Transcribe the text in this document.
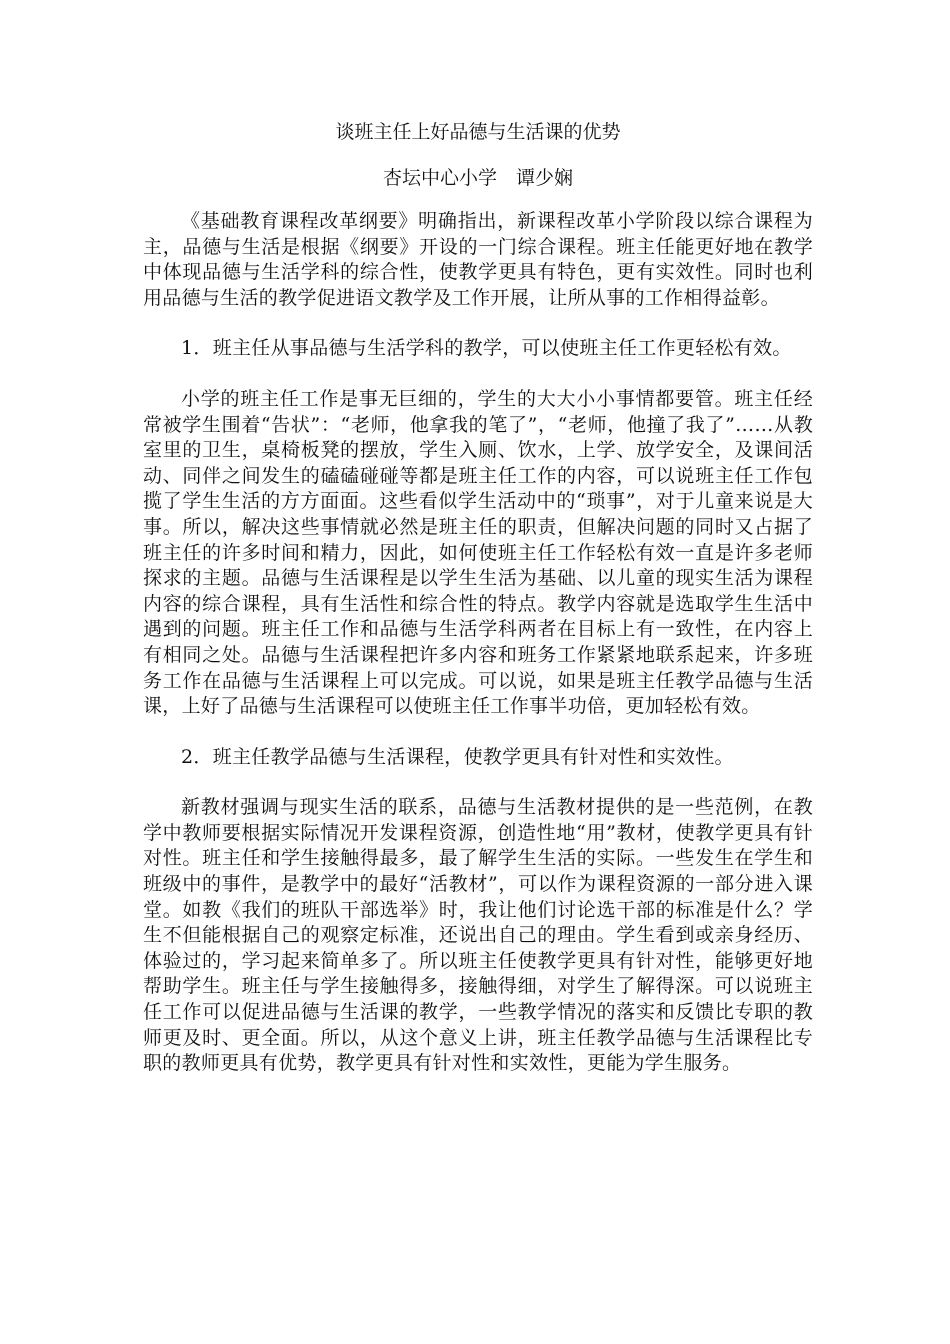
谈班主任上好品德与生活课的优势
杏坛中心小学　谭少娴

《基础教育课程改革纲要》明确指出，新课程改革小学阶段以综合课程为主，品德与生活是根据《纲要》开设的一门综合课程。班主任能更好地在教学中体现品德与生活学科的综合性，使教学更具有特色，更有实效性。同时也利用品德与生活的教学促进语文教学及工作开展，让所从事的工作相得益彰。

1．班主任从事品德与生活学科的教学，可以使班主任工作更轻松有效。

小学的班主任工作是事无巨细的，学生的大大小小事情都要管。班主任经常被学生围着“告状”：“老师，他拿我的笔了”，“老师，他撞了我了”……从教室里的卫生，桌椅板凳的摆放，学生入厕、饮水，上学、放学安全，及课间活动、同伴之间发生的磕磕碰碰等都是班主任工作的内容，可以说班主任工作包揽了学生生活的方方面面。这些看似学生活动中的“琐事”，对于儿童来说是大事。所以，解决这些事情就必然是班主任的职责，但解决问题的同时又占据了班主任的许多时间和精力，因此，如何使班主任工作轻松有效一直是许多老师探求的主题。品德与生活课程是以学生生活为基础、以儿童的现实生活为课程内容的综合课程，具有生活性和综合性的特点。教学内容就是选取学生生活中遇到的问题。班主任工作和品德与生活学科两者在目标上有一致性，在内容上有相同之处。品德与生活课程把许多内容和班务工作紧紧地联系起来，许多班务工作在品德与生活课程上可以完成。可以说，如果是班主任教学品德与生活课，上好了品德与生活课程可以使班主任工作事半功倍，更加轻松有效。

2．班主任教学品德与生活课程，使教学更具有针对性和实效性。

新教材强调与现实生活的联系，品德与生活教材提供的是一些范例，在教学中教师要根据实际情况开发课程资源，创造性地“用”教材，使教学更具有针对性。班主任和学生接触得最多，最了解学生生活的实际。一些发生在学生和班级中的事件，是教学中的最好“活教材”，可以作为课程资源的一部分进入课堂。如教《我们的班队干部选举》时，我让他们讨论选干部的标准是什么？学生不但能根据自己的观察定标准，还说出自己的理由。学生看到或亲身经历、体验过的，学习起来简单多了。所以班主任使教学更具有针对性，能够更好地帮助学生。班主任与学生接触得多，接触得细，对学生了解得深。可以说班主任工作可以促进品德与生活课的教学，一些教学情况的落实和反馈比专职的教师更及时、更全面。所以，从这个意义上讲，班主任教学品德与生活课程比专职的教师更具有优势，教学更具有针对性和实效性，更能为学生服务。
